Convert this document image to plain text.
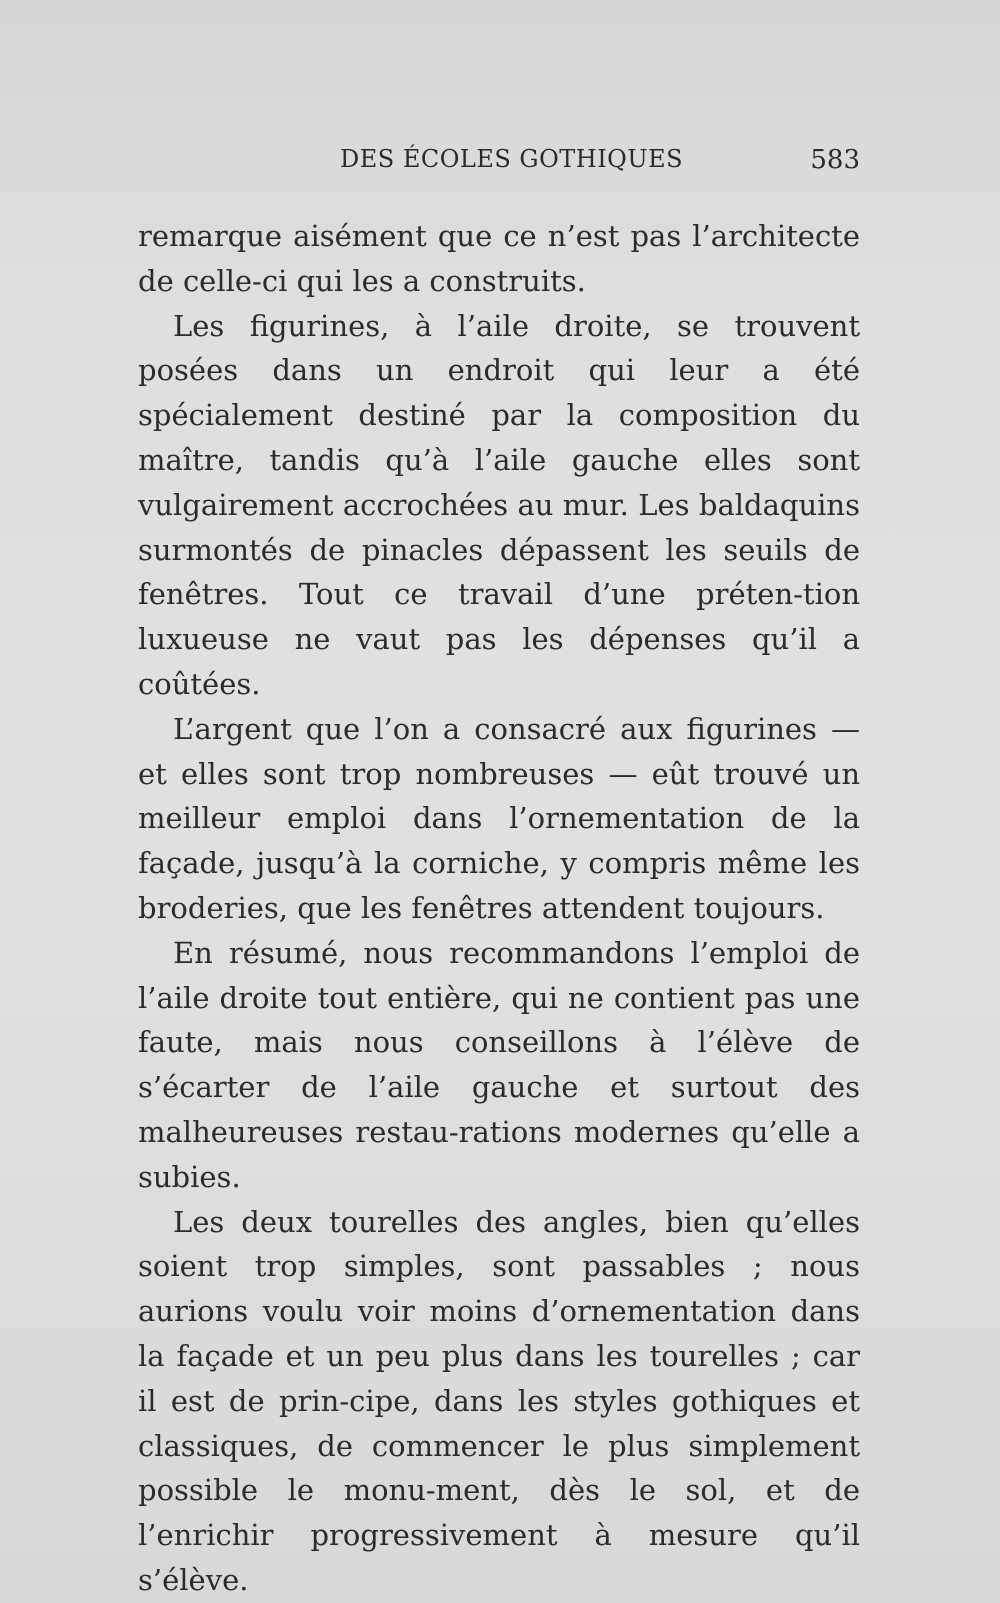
DES ÉCOLES GOTHIQUES	583

remarque aisément que ce n’est pas l’architecte de celle-ci qui les a construits.

Les figurines, à l’aile droite, se trouvent posées dans un endroit qui leur a été spécialement destiné par la composition du maître, tandis qu’à l’aile gauche elles sont vulgairement accrochées au mur. Les baldaquins surmontés de pinacles dépassent les seuils de fenêtres. Tout ce travail d’une préten-tion luxueuse ne vaut pas les dépenses qu’il a coûtées.

L’argent que l’on a consacré aux figurines — et elles sont trop nombreuses — eût trouvé un meilleur emploi dans l’ornementation de la façade, jusqu’à la corniche, y compris même les broderies, que les fenêtres attendent toujours.

En résumé, nous recommandons l’emploi de l’aile droite tout entière, qui ne contient pas une faute, mais nous conseillons à l’élève de s’écarter de l’aile gauche et surtout des malheureuses restau-rations modernes qu’elle a subies.

Les deux tourelles des angles, bien qu’elles soient trop simples, sont passables ; nous aurions voulu voir moins d’ornementation dans la façade et un peu plus dans les tourelles ; car il est de prin-cipe, dans les styles gothiques et classiques, de commencer le plus simplement possible le monu-ment, dès le sol, et de l’enrichir progressivement à mesure qu’il s’élève.
